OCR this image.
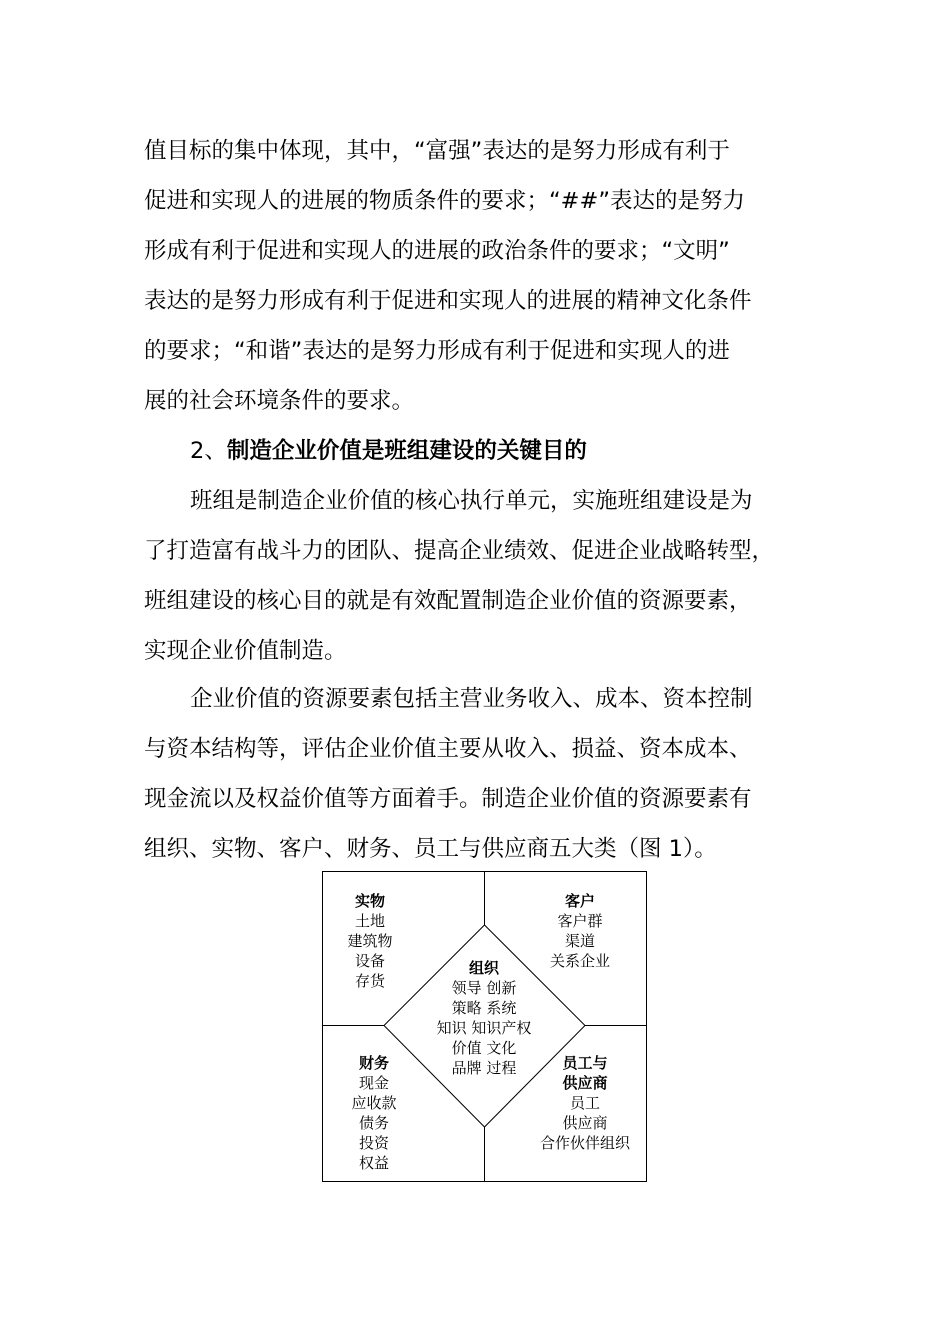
值目标的集中体现，其中，“富强”表达的是努力形成有利于
促进和实现人的进展的物质条件的要求；“##”表达的是努力
形成有利于促进和实现人的进展的政治条件的要求；“文明”
表达的是努力形成有利于促进和实现人的进展的精神文化条件
的要求；“和谐”表达的是努力形成有利于促进和实现人的进
展的社会环境条件的要求。
2、制造企业价值是班组建设的关键目的
班组是制造企业价值的核心执行单元，实施班组建设是为
了打造富有战斗力的团队、提高企业绩效、促进企业战略转型，
班组建设的核心目的就是有效配置制造企业价值的资源要素，
实现企业价值制造。
企业价值的资源要素包括主营业务收入、成本、资本控制
与资本结构等，评估企业价值主要从收入、损益、资本成本、
现金流以及权益价值等方面着手。制造企业价值的资源要素有
组织、实物、客户、财务、员工与供应商五大类（图 1）。
实物
土地
建筑物
设备
存货
客户
客户群
渠道
关系企业
组织
领导 创新
策略 系统
知识 知识产权
价值 文化
品牌 过程
财务
现金
应收款
债务
投资
权益
员工与
供应商
员工
供应商
合作伙伴组织
